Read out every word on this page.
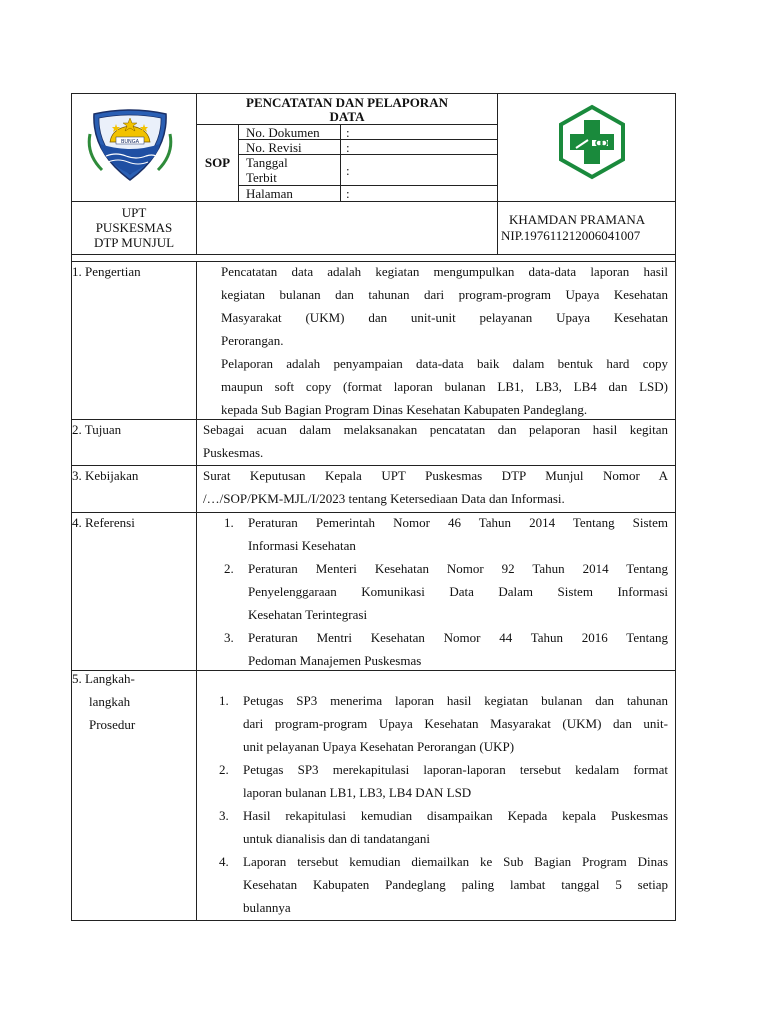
BUNGA
PENCATATAN DAN PELAPORAN
DATA
SOP
No. Dokumen :
No. Revisi	:
Tanggal
Terbit	:
Halaman	:
UPT
PUSKESMAS
DTP MUNJUL
KHAMDAN PRAMANA
NIP.197611212006041007
1. Pengertian	Pencatatan data adalah kegiatan mengumpulkan data-data laporan hasil
kegiatan bulanan dan tahunan dari program-program Upaya Kesehatan
Masyarakat (UKM) dan unit-unit pelayanan Upaya Kesehatan
Perorangan.
Pelaporan adalah penyampaian data-data baik dalam bentuk hard copy
maupun soft copy (format laporan bulanan LB1, LB3, LB4 dan LSD)
kepada Sub Bagian Program Dinas Kesehatan Kabupaten Pandeglang.
2. Tujuan	Sebagai acuan dalam melaksanakan pencatatan dan pelaporan hasil kegitan
Puskesmas.
3. Kebijakan	Surat Keputusan Kepala UPT Puskesmas DTP Munjul Nomor A
/…/SOP/PKM-MJL/I/2023 tentang Ketersediaan Data dan Informasi.
4. Referensi	1. Peraturan Pemerintah Nomor 46 Tahun 2014 Tentang Sistem
Informasi Kesehatan
2. Peraturan Menteri Kesehatan Nomor 92 Tahun 2014 Tentang
Penyelenggaraan Komunikasi Data Dalam Sistem Informasi
Kesehatan Terintegrasi
3. Peraturan Mentri Kesehatan Nomor 44 Tahun 2016 Tentang
Pedoman Manajemen Puskesmas
5. Langkah-
langkah
Prosedur
1. Petugas SP3 menerima laporan hasil kegiatan bulanan dan tahunan
dari program-program Upaya Kesehatan Masyarakat (UKM) dan unit-
unit pelayanan Upaya Kesehatan Perorangan (UKP)
2. Petugas SP3 merekapitulasi laporan-laporan tersebut kedalam format
laporan bulanan LB1, LB3, LB4 DAN LSD
3. Hasil rekapitulasi kemudian disampaikan Kepada kepala Puskesmas
untuk dianalisis dan di tandatangani
4. Laporan tersebut kemudian diemailkan ke Sub Bagian Program Dinas
Kesehatan Kabupaten Pandeglang paling lambat tanggal 5 setiap
bulannya
